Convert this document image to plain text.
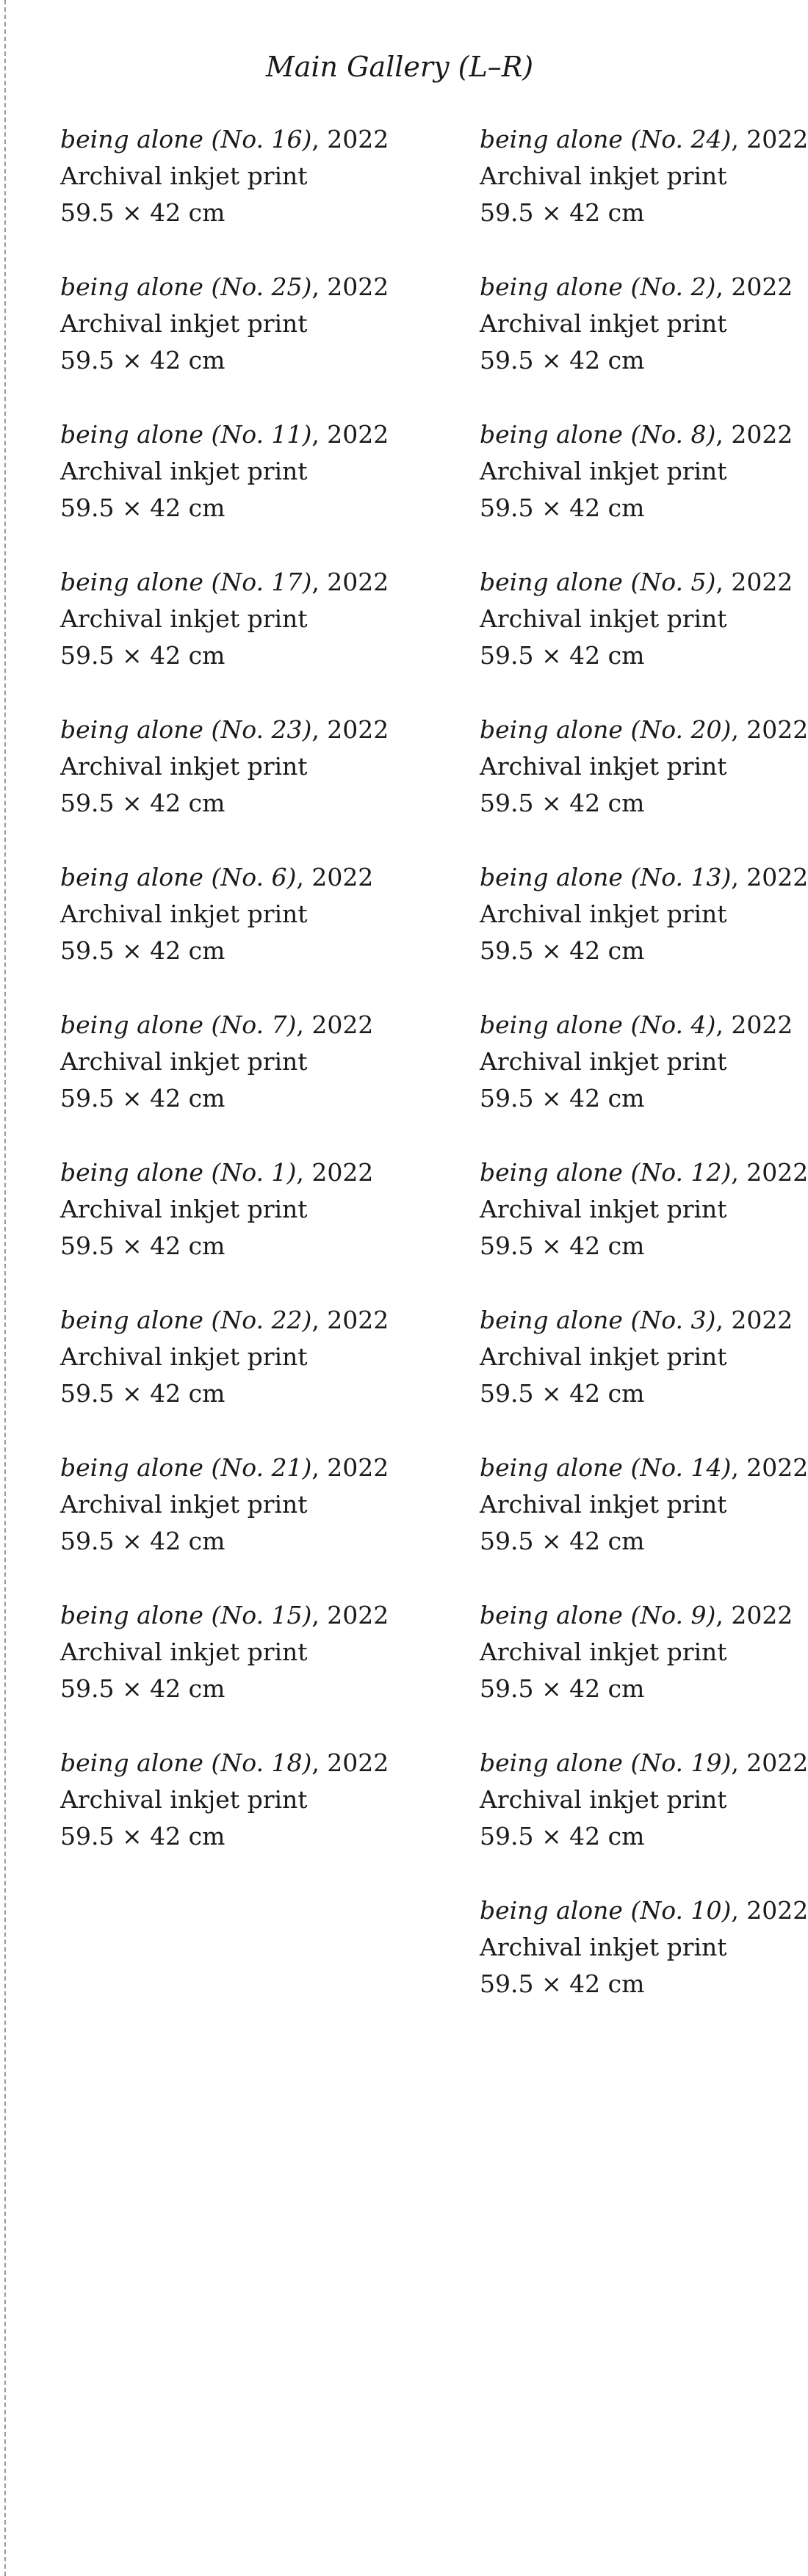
Main Gallery (L–R)
being alone (No. 16), 2022
Archival inkjet print
59.5 × 42 cm
being alone (No. 24), 2022
Archival inkjet print
59.5 × 42 cm
being alone (No. 25), 2022
Archival inkjet print
59.5 × 42 cm
being alone (No. 2), 2022
Archival inkjet print
59.5 × 42 cm
being alone (No. 11), 2022
Archival inkjet print
59.5 × 42 cm
being alone (No. 8), 2022
Archival inkjet print
59.5 × 42 cm
being alone (No. 17), 2022
Archival inkjet print
59.5 × 42 cm
being alone (No. 5), 2022
Archival inkjet print
59.5 × 42 cm
being alone (No. 23), 2022
Archival inkjet print
59.5 × 42 cm
being alone (No. 20), 2022
Archival inkjet print
59.5 × 42 cm
being alone (No. 6), 2022
Archival inkjet print
59.5 × 42 cm
being alone (No. 13), 2022
Archival inkjet print
59.5 × 42 cm
being alone (No. 7), 2022
Archival inkjet print
59.5 × 42 cm
being alone (No. 4), 2022
Archival inkjet print
59.5 × 42 cm
being alone (No. 1), 2022
Archival inkjet print
59.5 × 42 cm
being alone (No. 12), 2022
Archival inkjet print
59.5 × 42 cm
being alone (No. 22), 2022
Archival inkjet print
59.5 × 42 cm
being alone (No. 3), 2022
Archival inkjet print
59.5 × 42 cm
being alone (No. 21), 2022
Archival inkjet print
59.5 × 42 cm
being alone (No. 14), 2022
Archival inkjet print
59.5 × 42 cm
being alone (No. 15), 2022
Archival inkjet print
59.5 × 42 cm
being alone (No. 9), 2022
Archival inkjet print
59.5 × 42 cm
being alone (No. 18), 2022
Archival inkjet print
59.5 × 42 cm
being alone (No. 19), 2022
Archival inkjet print
59.5 × 42 cm
being alone (No. 10), 2022
Archival inkjet print
59.5 × 42 cm
